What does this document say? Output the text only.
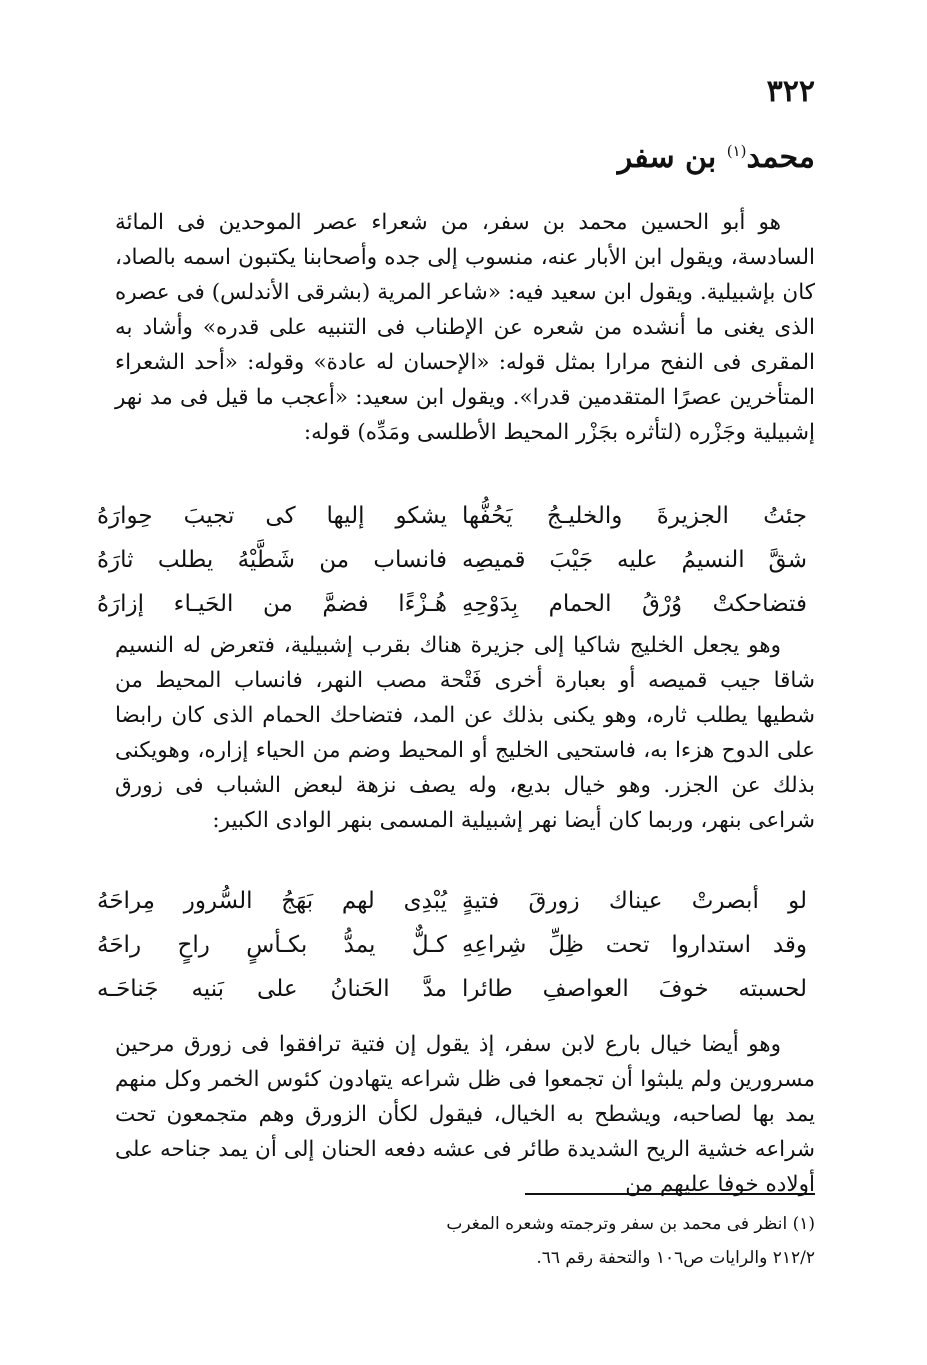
٣٢٢
محمد$^{(١)}$ بن سفر

هو أبو الحسين محمد بن سفر، من شعراء عصر الموحدين فى المائة السادسة، ويقول ابن الأبار عنه، منسوب إلى جده وأصحابنا يكتبون اسمه بالصاد، كان بإشبيلية. ويقول ابن سعيد فيه: «شاعر المرية (بشرقى الأندلس) فى عصره الذى يغنى ما أنشده من شعره عن الإطناب فى التنبيه على قدره» وأشاد به المقرى فى النفح مرارا بمثل قوله: «الإحسان له عادة» وقوله: «أحد الشعراء المتأخرين عصرًا المتقدمين قدرا». ويقول ابن سعيد: «أعجب ما قيل فى مد نهر إشبيلية وجَزْره (لتأثره بجَزْر المحيط الأطلسى ومَدِّه) قوله:

جئتُ الجزيرةَ والخليـجُ يَحُفُّها
يشكو إليها كى تجيبَ حِوارَهُ
شقَّ النسيمُ عليه جَيْبَ قميصِه
فانساب من شَطَّيْهُ يطلب ثارَهُ
فتضاحكتْ وُرْقُ الحمام بِدَوْحِهِ
هُـزْءًا فضمَّ من الحَيـاء إزارَهُ

وهو يجعل الخليج شاكيا إلى جزيرة هناك بقرب إشبيلية، فتعرض له النسيم شاقا جيب قميصه أو بعبارة أخرى فَتْحة مصب النهر، فانساب المحيط من شطيها يطلب ثاره، وهو يكنى بذلك عن المد، فتضاحك الحمام الذى كان رابضا على الدوح هزءا به، فاستحيى الخليج أو المحيط وضم من الحياء إزاره، وهويكنى بذلك عن الجزر. وهو خيال بديع، وله يصف نزهة لبعض الشباب فى زورق شراعى بنهر، وربما كان أيضا نهر إشبيلية المسمى بنهر الوادى الكبير:

لو أبصرتْ عيناك زورقَ فتيةٍ
يُبْدِى لهم بَهَجُ السُّرور مِراحَهُ
وقد استداروا تحت ظِلِّ شِراعِهِ
كـلٌّ يمدُّ بكـأسٍ راحٍ راحَهُ
لحسبته خوفَ العواصفِ طائرا
مدَّ الحَنانُ على بَنيه جَناحَـه

وهو أيضا خيال بارع لابن سفر، إذ يقول إن فتية ترافقوا فى زورق مرحين مسرورين ولم يلبثوا أن تجمعوا فى ظل شراعه يتهادون كئوس الخمر وكل منهم يمد بها لصاحبه، ويشطح به الخيال، فيقول لكأن الزورق وهم متجمعون تحت شراعه خشية الريح الشديدة طائر فى عشه دفعه الحنان إلى أن يمد جناحه على أولاده خوفا عليهم من

(١) انظر فى محمد بن سفر وترجمته وشعره المغرب
٢١٢/٢ والرايات ص١٠٦ والتحفة رقم ٦٦.
